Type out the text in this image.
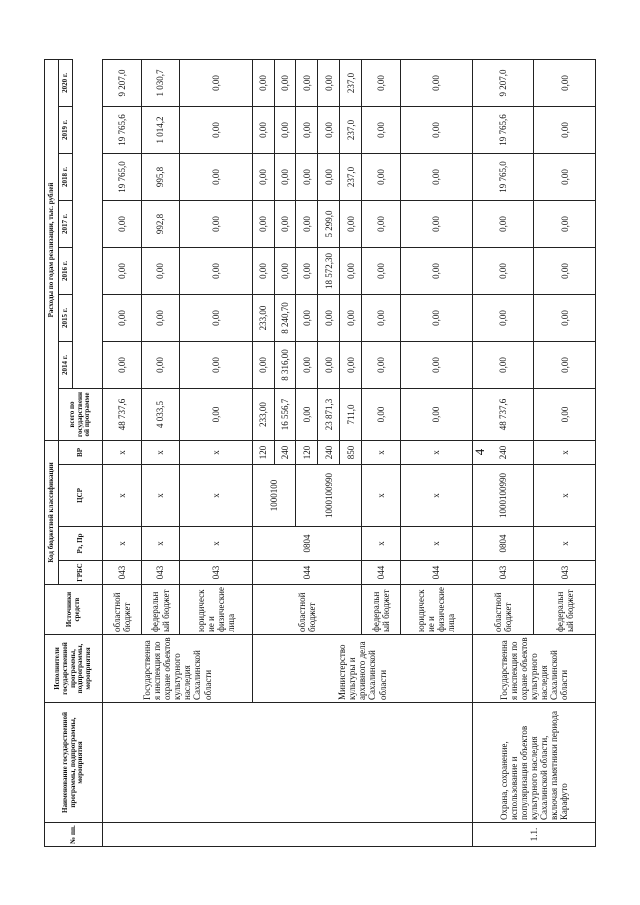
4
№ пп.	Наименование государственной программы, подпрограммы, мероприятия	Исполнители государственной программы, подпрограммы, мероприятия	Источники средств	Код бюджетной классификации				Расходы по годам реализации, тыс. рублей							
				ГРБС	Рз, Пр	ЦСР	ВР	всего по государственной программе	2014 г.	2015 г.	2016 г.	2017 г.	2018 г.	2019 г.	2020 г.

		Государственная инспекция по охране объектов культурного наследия Сахалинской области	областной бюджет	043	х	х	х	48 737,6	0,00	0,00	0,00	0,00	19 765,0	19 765,6	9 207,0
			федеральный бюджет	043	х	х	х	4 033,5	0,00	0,00	0,00	992,8	995,8	1 014,2	1 030,7
			юридические и физические лица	043	х	х	х	0,00	0,00	0,00	0,00	0,00	0,00	0,00	0,00
		Министерство культуры и архивного дела Сахалинской области	областной бюджет	044	0804	1000100	120	233,00	0,00	233,00	0,00	0,00	0,00	0,00	0,00
							240	16 556,7	8 316,00	8 240,70	0,00	0,00	0,00	0,00	0,00
						1000100990	120	0,00	0,00	0,00	0,00	0,00	0,00	0,00	0,00
							240	23 871,3	0,00	0,00	18 572,30	5 299,0	0,00	0,00	0,00
							850	711,0	0,00	0,00	0,00	0,00	237,0	237,0	237,0
			федеральный бюджет	044	х	х	х	0,00	0,00	0,00	0,00	0,00	0,00	0,00	0,00
			юридические и физические лица	044	х	х	х	0,00	0,00	0,00	0,00	0,00	0,00	0,00	0,00
1.1.	Охрана, сохранение, использование и популяризация объектов культурного наследия Сахалинской области, включая памятники периода Карафуто	Государственная инспекция по охране объектов культурного наследия Сахалинской области	областной бюджет	043	0804	1000100990	240	48 737,6	0,00	0,00	0,00	0,00	19 765,0	19 765,6	9 207,0
			федеральный бюджет	043	х	х	х	0,00	0,00	0,00	0,00	0,00	0,00	0,00	0,00
